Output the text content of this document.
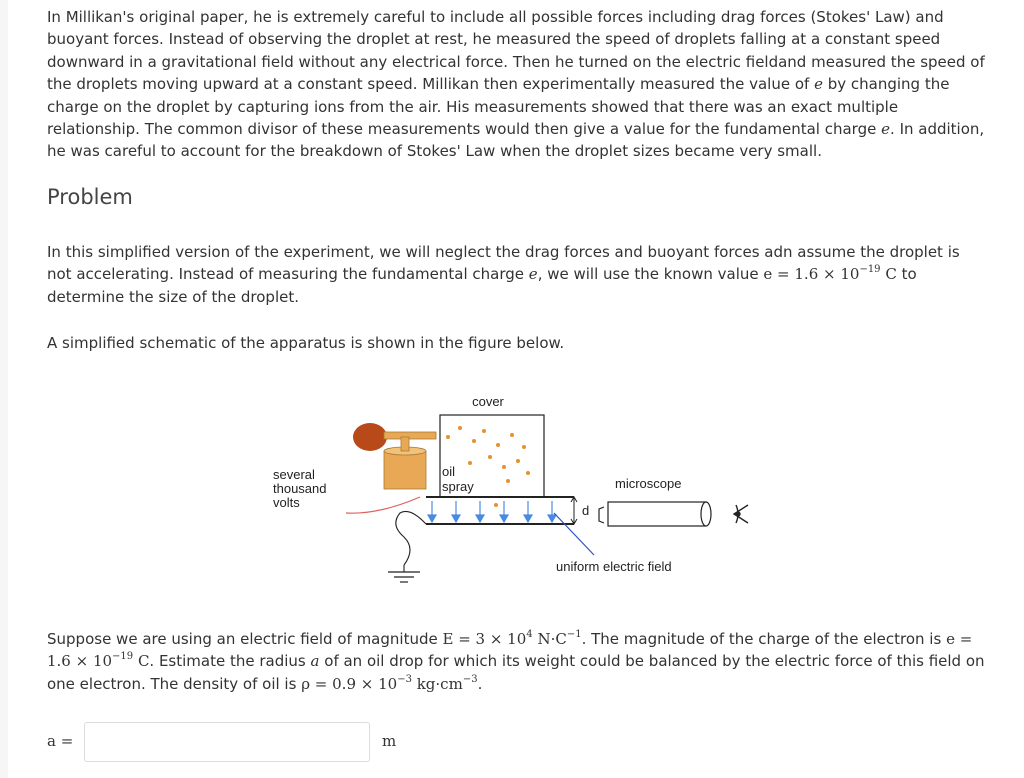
In Millikan's original paper, he is extremely careful to include all possible forces including drag forces (Stokes' Law) and buoyant forces. Instead of observing the droplet at rest, he measured the speed of droplets falling at a constant speed downward in a gravitational field without any electrical force. Then he turned on the electric fieldand measured the speed of the droplets moving upward at a constant speed. Millikan then experimentally measured the value of e by changing the charge on the droplet by capturing ions from the air. His measurements showed that there was an exact multiple relationship. The common divisor of these measurements would then give a value for the fundamental charge e. In addition, he was careful to account for the breakdown of Stokes' Law when the droplet sizes became very small.

Problem

In this simplified version of the experiment, we will neglect the drag forces and buoyant forces adn assume the droplet is not accelerating. Instead of measuring the fundamental charge e, we will use the known value $e = 1.6 \times 10^{-19}$ C to determine the size of the droplet.

A simplified schematic of the apparatus is shown in the figure below.

cover
oil
spray
d
several
thousand
volts
microscope
uniform electric field

Suppose we are using an electric field of magnitude $E = 3 \times 10^4$ $N\cdot C^{-1}$. The magnitude of the charge of the electron is $e = 1.6 \times 10^{-19}$ C. Estimate the radius a of an oil drop for which its weight could be balanced by the electric force of this field on one electron. The density of oil is $\rho = 0.9 \times 10^{-3}$ $kg\cdot cm^{-3}$.

a =	m
